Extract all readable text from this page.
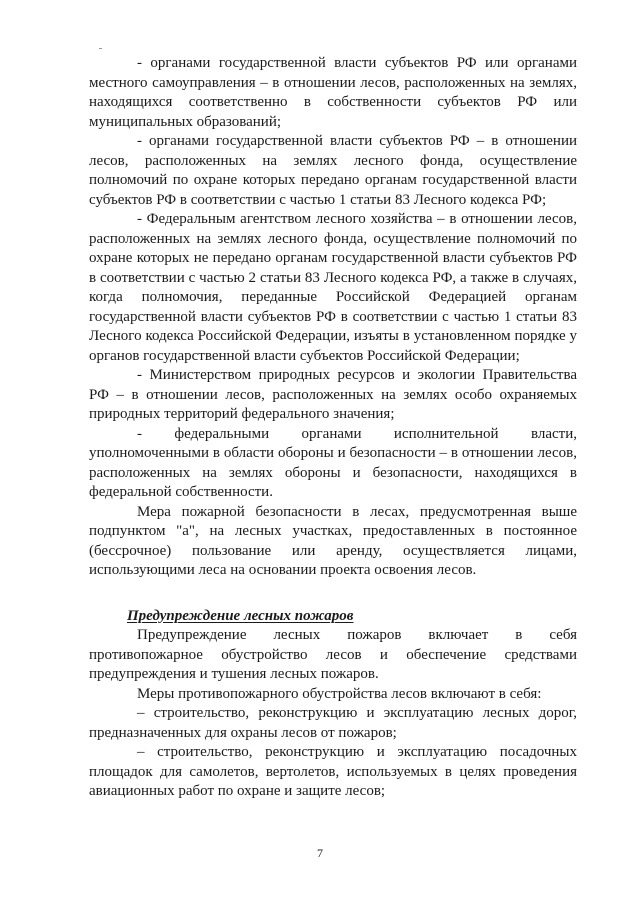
- органами государственной власти субъектов РФ или органами местного самоуправления – в отношении лесов, расположенных на землях, находящихся соответственно в собственности субъектов РФ или муниципальных образований;

- органами государственной власти субъектов РФ – в отношении лесов, расположенных на землях лесного фонда, осуществление полномочий по охране которых передано органам государственной власти субъектов РФ в соответствии с частью 1 статьи 83 Лесного кодекса РФ;

- Федеральным агентством лесного хозяйства – в отношении лесов, расположенных на землях лесного фонда, осуществление полномочий по охране которых не передано органам государственной власти субъектов РФ в соответствии с частью 2 статьи 83 Лесного кодекса РФ, а также в случаях, когда полномочия, переданные Российской Федерацией органам государственной власти субъектов РФ в соответствии с частью 1 статьи 83 Лесного кодекса Российской Федерации, изъяты в установленном порядке у органов государственной власти субъектов Российской Федерации;

- Министерством природных ресурсов и экологии Правительства РФ – в отношении лесов, расположенных на землях особо охраняемых природных территорий федерального значения;

- федеральными органами исполнительной власти, уполномоченными в области обороны и безопасности – в отношении лесов, расположенных на землях обороны и безопасности, находящихся в федеральной собственности.

Мера пожарной безопасности в лесах, предусмотренная выше подпунктом "а", на лесных участках, предоставленных в постоянное (бессрочное) пользование или аренду, осуществляется лицами, использующими леса на основании проекта освоения лесов.

Предупреждение лесных пожаров

Предупреждение лесных пожаров включает в себя противопожарное обустройство лесов и обеспечение средствами предупреждения и тушения лесных пожаров.

Меры противопожарного обустройства лесов включают в себя:

– строительство, реконструкцию и эксплуатацию лесных дорог, предназначенных для охраны лесов от пожаров;

– строительство, реконструкцию и эксплуатацию посадочных площадок для самолетов, вертолетов, используемых в целях проведения авиационных работ по охране и защите лесов;

7
